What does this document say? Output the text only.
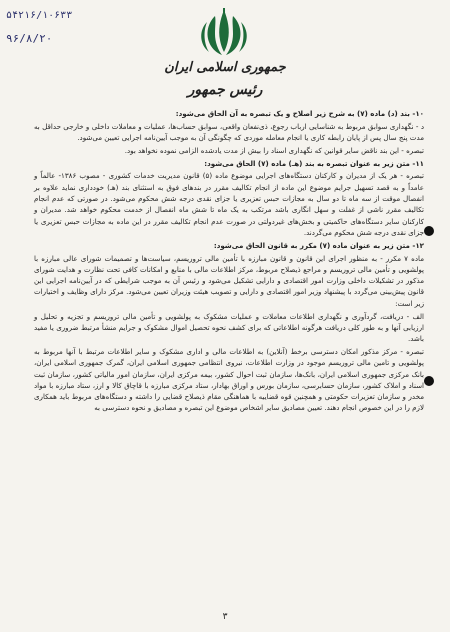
۵۴۲۱۶/۱۰۶۳۳
۹۶/۸/۲۰
جمهوری اسلامی ایران
رئیس جمهور

۱۰- بند (د) ماده (۷) به شرح زیر اصلاح و یک تبصره به آن الحاق می‌شود:

د - نگهداری سوابق مربوط به شناسایی ارباب رجوع، ذی‌نفعان واقعی، سوابق حساب‌ها، عملیات و معاملات داخلی و خارجی حداقل به مدت پنج سال پس از پایان رابطه کاری یا انجام معامله موردی که چگونگی آن به موجب آیین‌نامه اجرایی تعیین می‌شود.

تبصره - این بند ناقض سایر قوانین که نگهداری اسناد را بیش از مدت یادشده الزامی نموده نخواهد بود.

۱۱- متن زیر به عنوان تبصره به بند (هـ) ماده (۷) الحاق می‌شود:

تبصره - هر یک از مدیران و کارکنان دستگاه‌های اجرایی موضوع ماده (۵) قانون مدیریت خدمات کشوری - مصوب ۱۳۸۶- عالماً و عامداً و به قصد تسهیل جرایم موضوع این ماده از انجام تکالیف مقرر در بندهای فوق به استثنای بند (هـ) خودداری نماید علاوه بر انفصال موقت از سه ماه تا دو سال به مجازات حبس تعزیری یا جزای نقدی درجه شش محکوم می‌شود. در صورتی که عدم انجام تکالیف مقرر ناشی از غفلت و سهل انگاری باشد مرتکب به یک ماه تا شش ماه انفصال از خدمت محکوم خواهد شد. مدیران و کارکنان سایر دستگاه‌های حاکمیتی و بخش‌های غیردولتی در صورت عدم انجام تکالیف مقرر در این ماده به مجازات حبس تعزیری یا جزای نقدی درجه شش محکوم می‌گردند.

۱۲- متن زیر به عنوان ماده (۷) مکرر به قانون الحاق می‌شود:

ماده ۷ مکرر - به منظور اجرای این قانون و قانون مبارزه با تأمین مالی تروریسم، سیاست‌ها و تصمیمات شورای عالی مبارزه با پولشویی و تأمین مالی تروریسم و مراجع ذیصلاح مربوط، مرکز اطلاعات مالی با منابع و امکانات کافی تحت نظارت و هدایت شورای مذکور در تشکیلات داخلی وزارت امور اقتصادی و دارایی تشکیل می‌شود و رئیس آن به موجب شرایطی که در آیین‌نامه اجرایی این قانون پیش‌بینی می‌گردد با پیشنهاد وزیر امور اقتصادی و دارایی و تصویب هیئت وزیران تعیین می‌شود. مرکز دارای وظایف و اختیارات زیر است:

الف - دریافت، گردآوری و نگهداری اطلاعات معاملات و عملیات مشکوک به پولشویی و تأمین مالی تروریسم و تجزیه و تحلیل و ارزیابی آنها و به طور کلی دریافت هرگونه اطلاعاتی که برای کشف نحوه تحصیل اموال مشکوک و جرایم منشأ مرتبط ضروری یا مفید باشد.

تبصره - مرکز مذکور امکان دسترسی برخط (آنلاین) به اطلاعات مالی و اداری مشکوک و سایر اطلاعات مرتبط با آنها مربوط به پولشویی و تامین مالی تروریسم موجود در وزارت اطلاعات، نیروی انتظامی جمهوری اسلامی ایران، گمرک جمهوری اسلامی ایران، بانک مرکزی جمهوری اسلامی ایران، بانک‌ها، سازمان ثبت احوال کشور، بیمه مرکزی ایران، سازمان امور مالیاتی کشور، سازمان ثبت اسناد و املاک کشور، سازمان حسابرسی، سازمان بورس و اوراق بهادار، ستاد مرکزی مبارزه با قاچاق کالا و ارز، ستاد مبارزه با مواد مخدر و سازمان تعزیرات حکومتی و همچنین قوه قضاییه با هماهنگی مقام ذیصلاح قضایی را داشته و دستگاه‌های مربوط باید همکاری لازم را در این خصوص انجام دهند. تعیین مصادیق سایر اشخاص موضوع این تبصره و مصادیق و نحوه دسترسی به

۳
